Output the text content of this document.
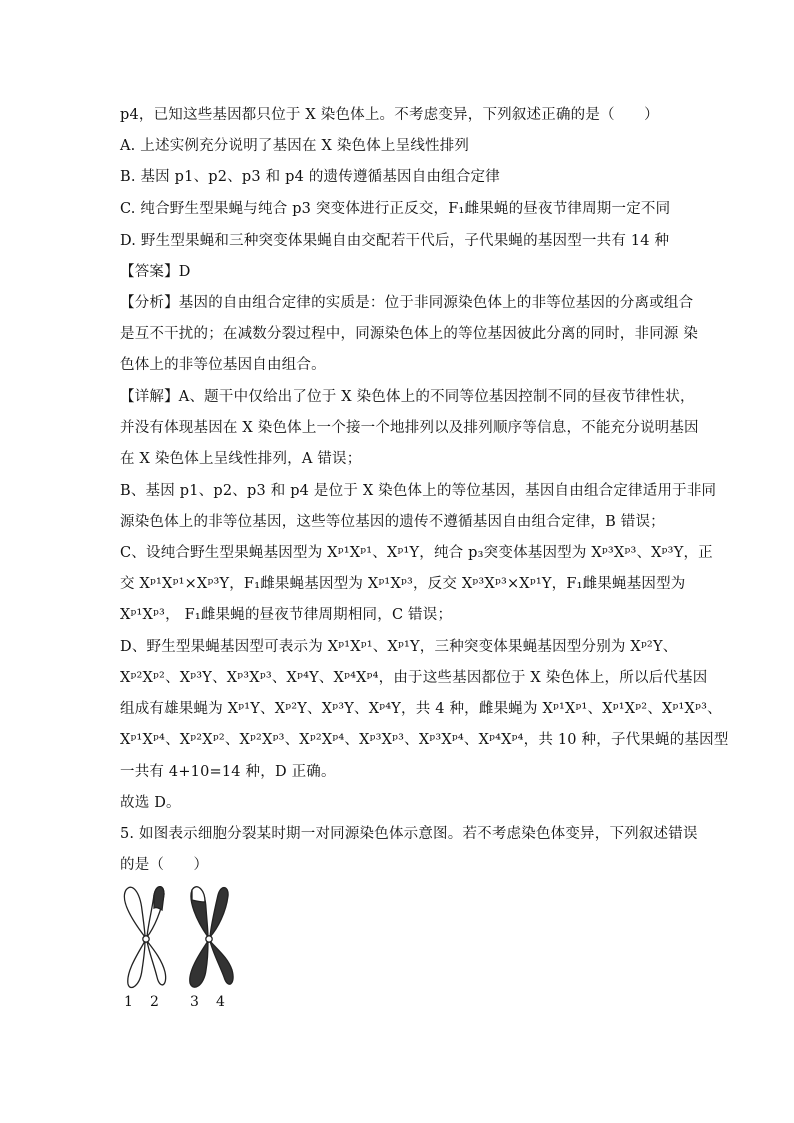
p4，已知这些基因都只位于 X 染色体上。不考虑变异，下列叙述正确的是（　　）
A. 上述实例充分说明了基因在 X 染色体上呈线性排列
B. 基因 p1、p2、p3 和 p4 的遗传遵循基因自由组合定律
C. 纯合野生型果蝇与纯合 p3 突变体进行正反交，F₁雌果蝇的昼夜节律周期一定不同
D. 野生型果蝇和三种突变体果蝇自由交配若干代后，子代果蝇的基因型一共有 14 种
【答案】D
【分析】基因的自由组合定律的实质是：位于非同源染色体上的非等位基因的分离或组合
是互不干扰的；在减数分裂过程中，同源染色体上的等位基因彼此分离的同时，非同源 染
色体上的非等位基因自由组合。
【详解】A、题干中仅给出了位于 X 染色体上的不同等位基因控制不同的昼夜节律性状，
并没有体现基因在 X 染色体上一个接一个地排列以及排列顺序等信息，不能充分说明基因
在 X 染色体上呈线性排列，A 错误；
B、基因 p1、p2、p3 和 p4 是位于 X 染色体上的等位基因，基因自由组合定律适用于非同
源染色体上的非等位基因，这些等位基因的遗传不遵循基因自由组合定律，B 错误；
C、设纯合野生型果蝇基因型为 Xᵖ¹Xᵖ¹、Xᵖ¹Y，纯合 p₃突变体基因型为 Xᵖ³Xᵖ³、Xᵖ³Y，正
交 Xᵖ¹Xᵖ¹×Xᵖ³Y，F₁雌果蝇基因型为 Xᵖ¹Xᵖ³，反交 Xᵖ³Xᵖ³×Xᵖ¹Y，F₁雌果蝇基因型为
Xᵖ¹Xᵖ³， F₁雌果蝇的昼夜节律周期相同，C 错误；
D、野生型果蝇基因型可表示为 Xᵖ¹Xᵖ¹、Xᵖ¹Y，三种突变体果蝇基因型分别为 Xᵖ²Y、
Xᵖ²Xᵖ²、Xᵖ³Y、Xᵖ³Xᵖ³、Xᵖ⁴Y、Xᵖ⁴Xᵖ⁴，由于这些基因都位于 X 染色体上，所以后代基因
组成有雄果蝇为 Xᵖ¹Y、Xᵖ²Y、Xᵖ³Y、Xᵖ⁴Y，共 4 种，雌果蝇为 Xᵖ¹Xᵖ¹、Xᵖ¹Xᵖ²、Xᵖ¹Xᵖ³、
Xᵖ¹Xᵖ⁴、Xᵖ²Xᵖ²、Xᵖ²Xᵖ³、Xᵖ²Xᵖ⁴、Xᵖ³Xᵖ³、Xᵖ³Xᵖ⁴、Xᵖ⁴Xᵖ⁴，共 10 种，子代果蝇的基因型
一共有 4+10=14 种，D 正确。
故选 D。
5. 如图表示细胞分裂某时期一对同源染色体示意图。若不考虑染色体变异，下列叙述错误
的是（　　）
1 2 3 4
